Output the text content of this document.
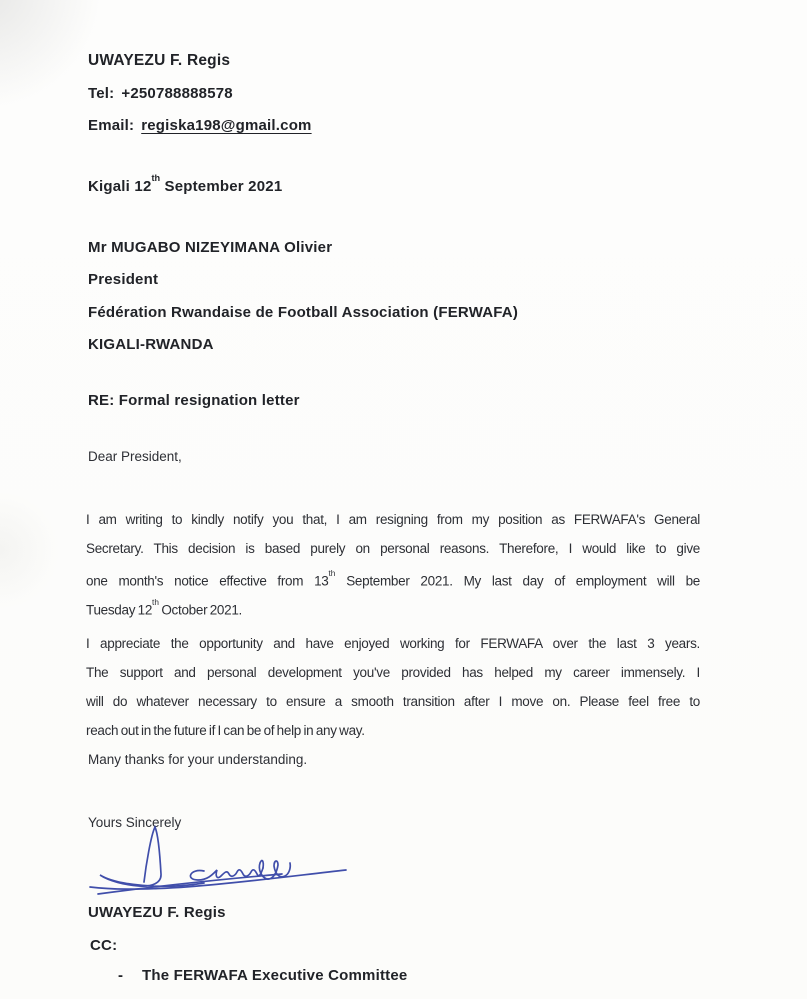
UWAYEZU F. Regis
Tel: +250788888578
Email: regiska198@gmail.com
Kigali 12th September 2021
Mr MUGABO NIZEYIMANA Olivier
President
Fédération Rwandaise de Football Association (FERWAFA)
KIGALI-RWANDA
RE: Formal resignation letter
Dear President,
I am writing to kindly notify you that, I am resigning from my position as FERWAFA's General
Secretary. This decision is based purely on personal reasons. Therefore, I would like to give
one month's notice effective from 13th September 2021. My last day of employment will be
Tuesday 12th October 2021.
I appreciate the opportunity and have enjoyed working for FERWAFA over the last 3 years.
The support and personal development you've provided has helped my career immensely. I
will do whatever necessary to ensure a smooth transition after I move on. Please feel free to
reach out in the future if I can be of help in any way.
Many thanks for your understanding.
Yours Sincerely
UWAYEZU F. Regis
CC:
- The FERWAFA Executive Committee
